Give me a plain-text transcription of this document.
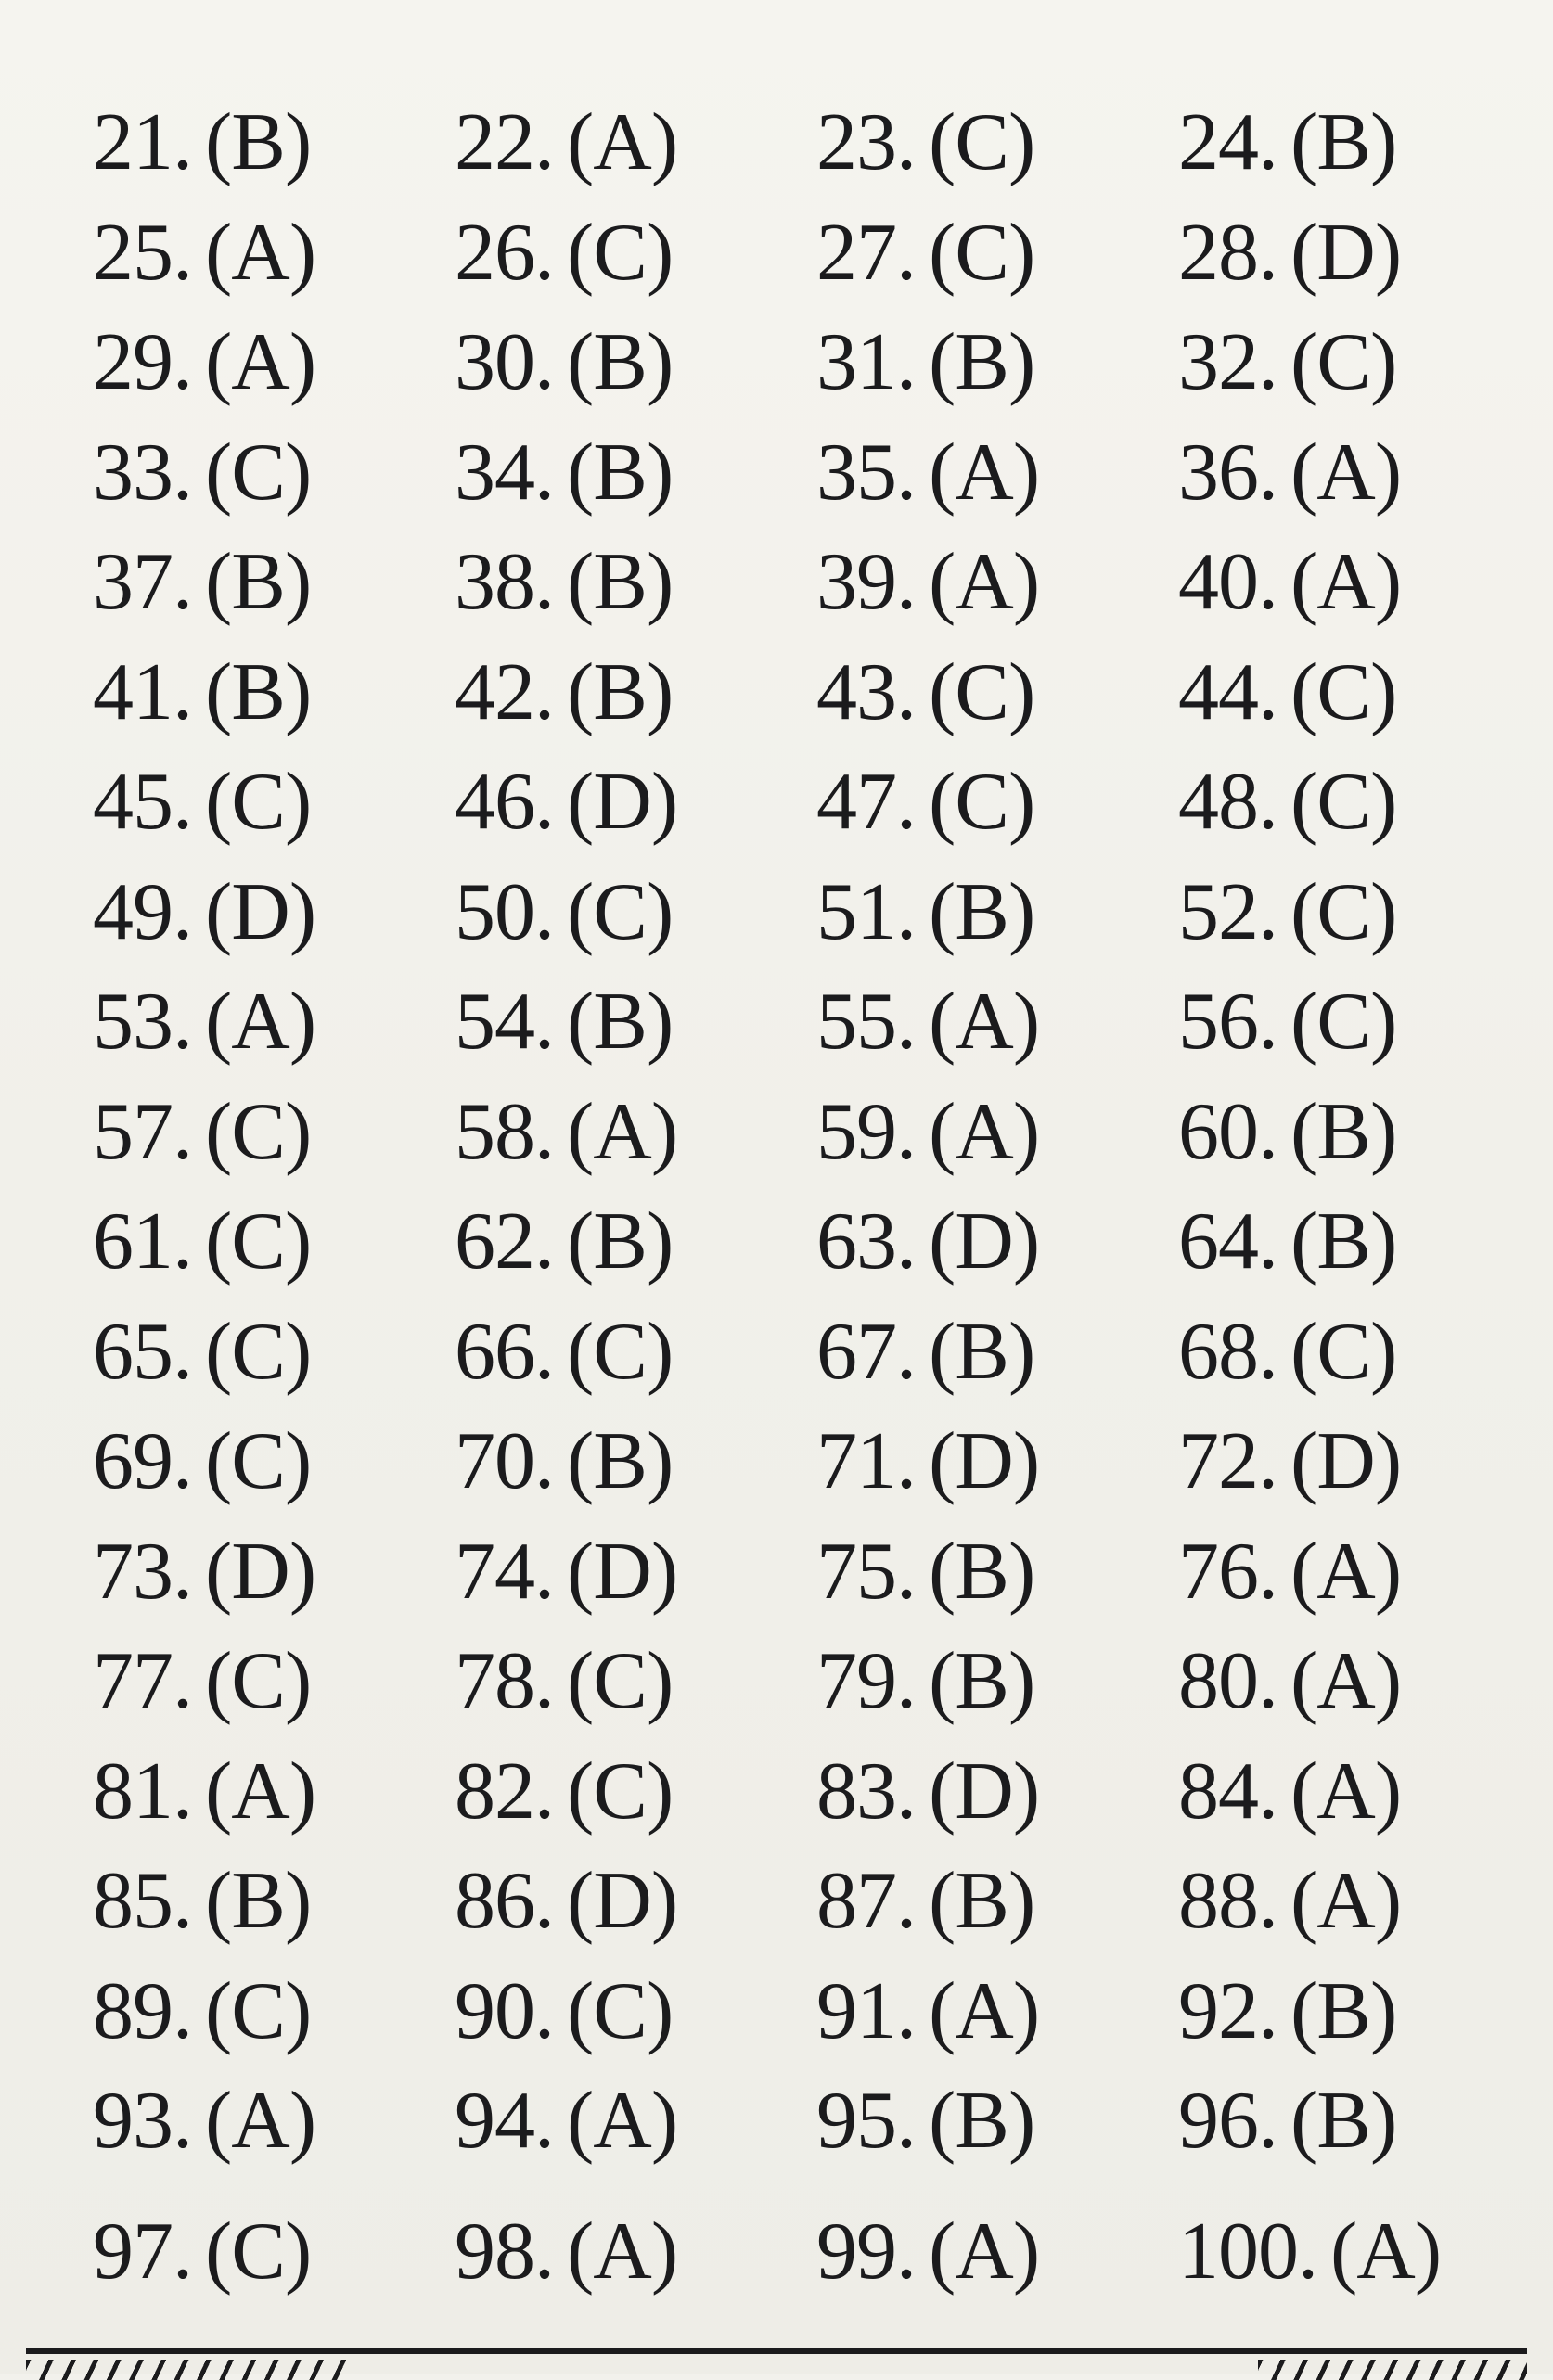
21. (B)	22. (A)	23. (C)	24. (B)
25. (A)	26. (C)	27. (C)	28. (D)
29. (A)	30. (B)	31. (B)	32. (C)
33. (C)	34. (B)	35. (A)	36. (A)
37. (B)	38. (B)	39. (A)	40. (A)
41. (B)	42. (B)	43. (C)	44. (C)
45. (C)	46. (D)	47. (C)	48. (C)
49. (D)	50. (C)	51. (B)	52. (C)
53. (A)	54. (B)	55. (A)	56. (C)
57. (C)	58. (A)	59. (A)	60. (B)
61. (C)	62. (B)	63. (D)	64. (B)
65. (C)	66. (C)	67. (B)	68. (C)
69. (C)	70. (B)	71. (D)	72. (D)
73. (D)	74. (D)	75. (B)	76. (A)
77. (C)	78. (C)	79. (B)	80. (A)
81. (A)	82. (C)	83. (D)	84. (A)
85. (B)	86. (D)	87. (B)	88. (A)
89. (C)	90. (C)	91. (A)	92. (B)
93. (A)	94. (A)	95. (B)	96. (B)
97. (C)	98. (A)	99. (A)	100. (A)
